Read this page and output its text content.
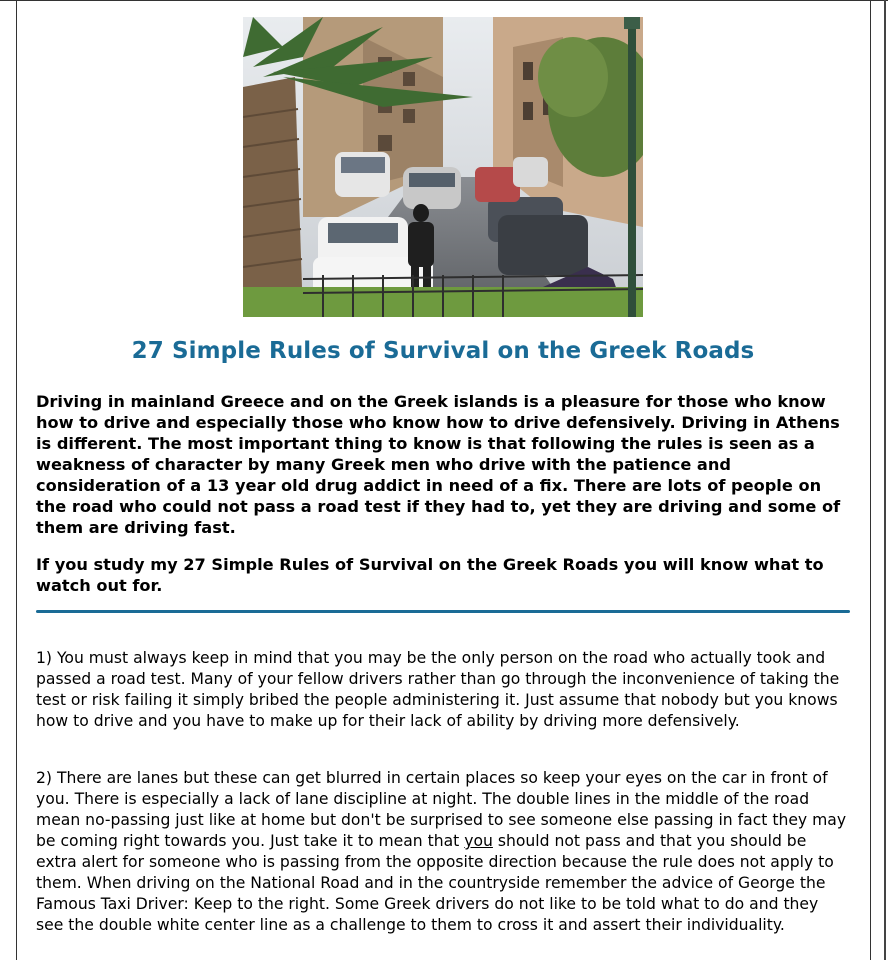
27 Simple Rules of Survival on the Greek Roads

Driving in mainland Greece and on the Greek islands is a pleasure for those who know how to drive and especially those who know how to drive defensively. Driving in Athens is different. The most important thing to know is that following the rules is seen as a weakness of character by many Greek men who drive with the patience and consideration of a 13 year old drug addict in need of a fix. There are lots of people on the road who could not pass a road test if they had to, yet they are driving and some of them are driving fast.

If you study my 27 Simple Rules of Survival on the Greek Roads you will know what to watch out for.

1) You must always keep in mind that you may be the only person on the road who actually took and passed a road test. Many of your fellow drivers rather than go through the inconvenience of taking the test or risk failing it simply bribed the people administering it. Just assume that nobody but you knows how to drive and you have to make up for their lack of ability by driving more defensively.

2) There are lanes but these can get blurred in certain places so keep your eyes on the car in front of you. There is especially a lack of lane discipline at night. The double lines in the middle of the road mean no-passing just like at home but don't be surprised to see someone else passing in fact they may be coming right towards you. Just take it to mean that you should not pass and that you should be extra alert for someone who is passing from the opposite direction because the rule does not apply to them. When driving on the National Road and in the countryside remember the advice of George the Famous Taxi Driver: Keep to the right. Some Greek drivers do not like to be told what to do and they see the double white center line as a challenge to them to cross it and assert their individuality.
